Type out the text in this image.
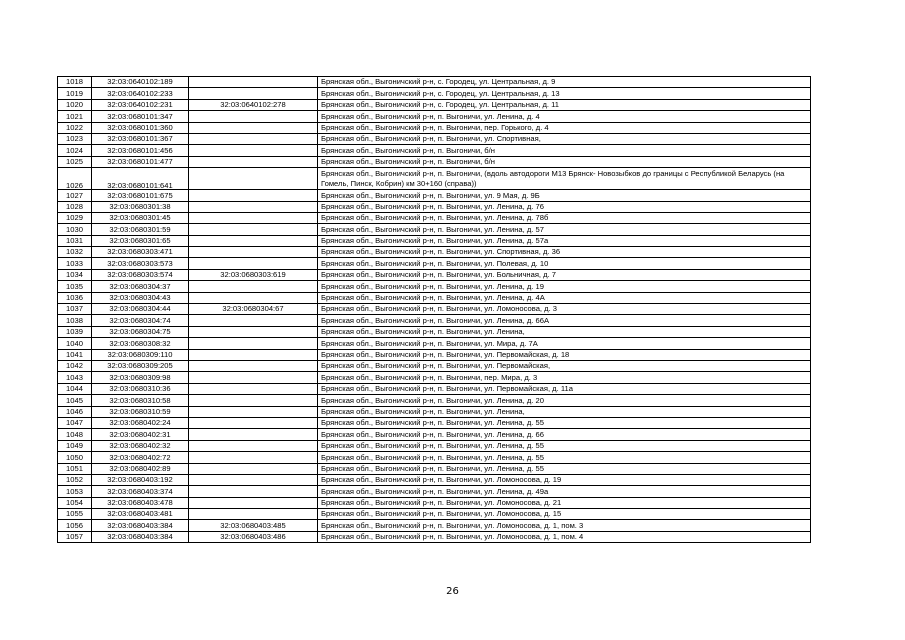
1018	32:03:0640102:189		Брянская обл., Выгоничский р-н, с. Городец, ул. Центральная, д. 9
1019	32:03:0640102:233		Брянская обл., Выгоничский р-н, с. Городец, ул. Центральная, д. 13
1020	32:03:0640102:231	32:03:0640102:278	Брянская обл., Выгоничский р-н, с. Городец, ул. Центральная, д. 11
1021	32:03:0680101:347		Брянская обл., Выгоничский р-н, п. Выгоничи, ул. Ленина, д. 4
1022	32:03:0680101:360		Брянская обл., Выгоничский р-н, п. Выгоничи, пер. Горького, д. 4
1023	32:03:0680101:367		Брянская обл., Выгоничский р-н, п. Выгоничи, ул. Спортивная,
1024	32:03:0680101:456		Брянская обл., Выгоничский р-н, п. Выгоничи, б/н
1025	32:03:0680101:477		Брянская обл., Выгоничский р-н, п. Выгоничи, б/н
1026	32:03:0680101:641		Брянская обл., Выгоничский р-н, п. Выгоничи, (вдоль автодороги М13 Брянск- Новозыбков до границы с Республикой Беларусь (на Гомель, Пинск, Кобрин) км 30+160 (справа))
1027	32:03:0680101:675		Брянская обл., Выгоничский р-н, п. Выгоничи, ул. 9 Мая, д. 9Б
1028	32:03:0680301:38		Брянская обл., Выгоничский р-н, п. Выгоничи, ул. Ленина, д. 76
1029	32:03:0680301:45		Брянская обл., Выгоничский р-н, п. Выгоничи, ул. Ленина, д. 78б
1030	32:03:0680301:59		Брянская обл., Выгоничский р-н, п. Выгоничи, ул. Ленина, д. 57
1031	32:03:0680301:65		Брянская обл., Выгоничский р-н, п. Выгоничи, ул. Ленина, д. 57а
1032	32:03:0680303:471		Брянская обл., Выгоничский р-н, п. Выгоничи, ул. Спортивная, д. 36
1033	32:03:0680303:573		Брянская обл., Выгоничский р-н, п. Выгоничи, ул. Полевая, д. 10
1034	32:03:0680303:574	32:03:0680303:619	Брянская обл., Выгоничский р-н, п. Выгоничи, ул. Больничная, д. 7
1035	32:03:0680304:37		Брянская обл., Выгоничский р-н, п. Выгоничи, ул. Ленина, д. 19
1036	32:03:0680304:43		Брянская обл., Выгоничский р-н, п. Выгоничи, ул. Ленина, д. 4А
1037	32:03:0680304:44	32:03:0680304:67	Брянская обл., Выгоничский р-н, п. Выгоничи, ул. Ломоносова, д. 3
1038	32:03:0680304:74		Брянская обл., Выгоничский р-н, п. Выгоничи, ул. Ленина, д. 66А
1039	32:03:0680304:75		Брянская обл., Выгоничский р-н, п. Выгоничи, ул. Ленина,
1040	32:03:0680308:32		Брянская обл., Выгоничский р-н, п. Выгоничи, ул. Мира, д. 7А
1041	32:03:0680309:110		Брянская обл., Выгоничский р-н, п. Выгоничи, ул. Первомайская, д. 18
1042	32:03:0680309:205		Брянская обл., Выгоничский р-н, п. Выгоничи, ул. Первомайская,
1043	32:03:0680309:98		Брянская обл., Выгоничский р-н, п. Выгоничи, пер. Мира, д. 3
1044	32:03:0680310:36		Брянская обл., Выгоничский р-н, п. Выгоничи, ул. Первомайская, д. 11а
1045	32:03:0680310:58		Брянская обл., Выгоничский р-н, п. Выгоничи, ул. Ленина, д. 20
1046	32:03:0680310:59		Брянская обл., Выгоничский р-н, п. Выгоничи, ул. Ленина,
1047	32:03:0680402:24		Брянская обл., Выгоничский р-н, п. Выгоничи, ул. Ленина, д. 55
1048	32:03:0680402:31		Брянская обл., Выгоничский р-н, п. Выгоничи, ул. Ленина, д. 66
1049	32:03:0680402:32		Брянская обл., Выгоничский р-н, п. Выгоничи, ул. Ленина, д. 55
1050	32:03:0680402:72		Брянская обл., Выгоничский р-н, п. Выгоничи, ул. Ленина, д. 55
1051	32:03:0680402:89		Брянская обл., Выгоничский р-н, п. Выгоничи, ул. Ленина, д. 55
1052	32:03:0680403:192		Брянская обл., Выгоничский р-н, п. Выгоничи, ул. Ломоносова, д. 19
1053	32:03:0680403:374		Брянская обл., Выгоничский р-н, п. Выгоничи, ул. Ленина, д. 49а
1054	32:03:0680403:478		Брянская обл., Выгоничский р-н, п. Выгоничи, ул. Ломоносова, д. 21
1055	32:03:0680403:481		Брянская обл., Выгоничский р-н, п. Выгоничи, ул. Ломоносова, д. 15
1056	32:03:0680403:384	32:03:0680403:485	Брянская обл., Выгоничский р-н, п. Выгоничи, ул. Ломоносова, д. 1, пом. 3
1057	32:03:0680403:384	32:03:0680403:486	Брянская обл., Выгоничский р-н, п. Выгоничи, ул. Ломоносова, д. 1, пом. 4
26
